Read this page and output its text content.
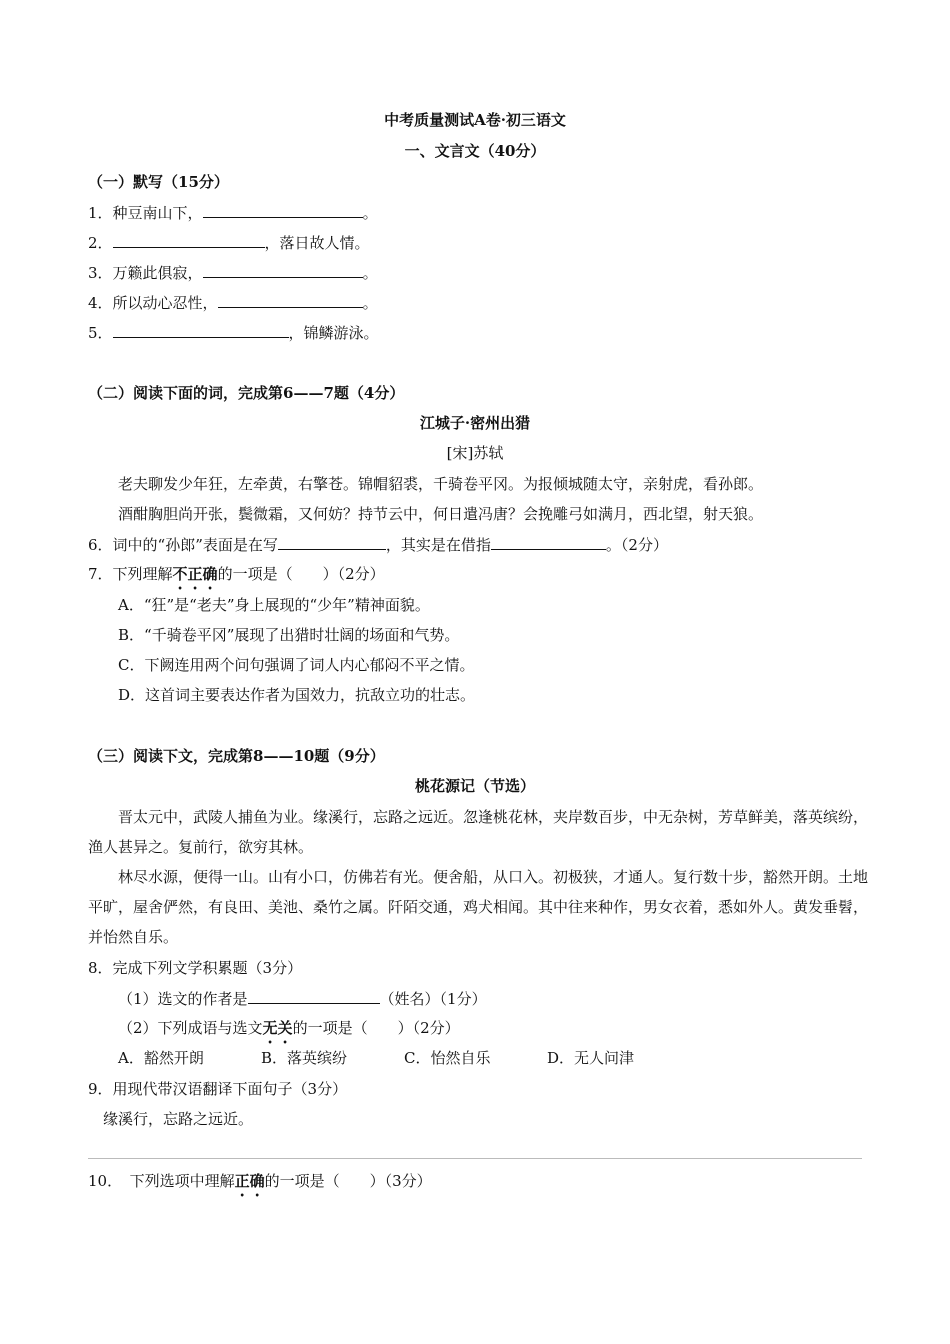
中考质量测试A卷·初三语文
一、文言文（40分）
（一）默写（15分）
1．种豆南山下，	。
2．	，落日故人情。
3．万籁此俱寂，	。
4．所以动心忍性，	。
5．	，锦鳞游泳。
（二）阅读下面的词，完成第6——7题（4分）
江城子·密州出猎
[宋]苏轼
老夫聊发少年狂，左牵黄，右擎苍。锦帽貂裘，千骑卷平冈。为报倾城随太守，亲射虎，看孙郎。
酒酣胸胆尚开张，鬓微霜，又何妨？持节云中，何日遣冯唐？会挽雕弓如满月，西北望，射天狼。
6．词中的“孙郎”表面是在写	，其实是在借指	。（2分）
7．下列理解不正确的一项是（　　）（2分）
A．“狂”是“老夫”身上展现的“少年”精神面貌。
B．“千骑卷平冈”展现了出猎时壮阔的场面和气势。
C．下阙连用两个问句强调了词人内心郁闷不平之情。
D．这首词主要表达作者为国效力，抗敌立功的壮志。
（三）阅读下文，完成第8——10题（9分）
桃花源记（节选）
晋太元中，武陵人捕鱼为业。缘溪行，忘路之远近。忽逢桃花林，夹岸数百步，中无杂树，芳草鲜美，落英缤纷，渔人甚异之。复前行，欲穷其林。
林尽水源，便得一山。山有小口，仿佛若有光。便舍船，从口入。初极狭，才通人。复行数十步，豁然开朗。土地平旷，屋舍俨然，有良田、美池、桑竹之属。阡陌交通，鸡犬相闻。其中往来种作，男女衣着，悉如外人。黄发垂髫，并怡然自乐。
8．完成下列文学积累题（3分）
（1）选文的作者是	（姓名）（1分）
（2）下列成语与选文无关的一项是（　　）（2分）
A．豁然开朗	B．落英缤纷	C．怡然自乐	D．无人问津
9．用现代带汉语翻译下面句子（3分）
缘溪行，忘路之远近。
10．　下列选项中理解正确的一项是（　　）（3分）
